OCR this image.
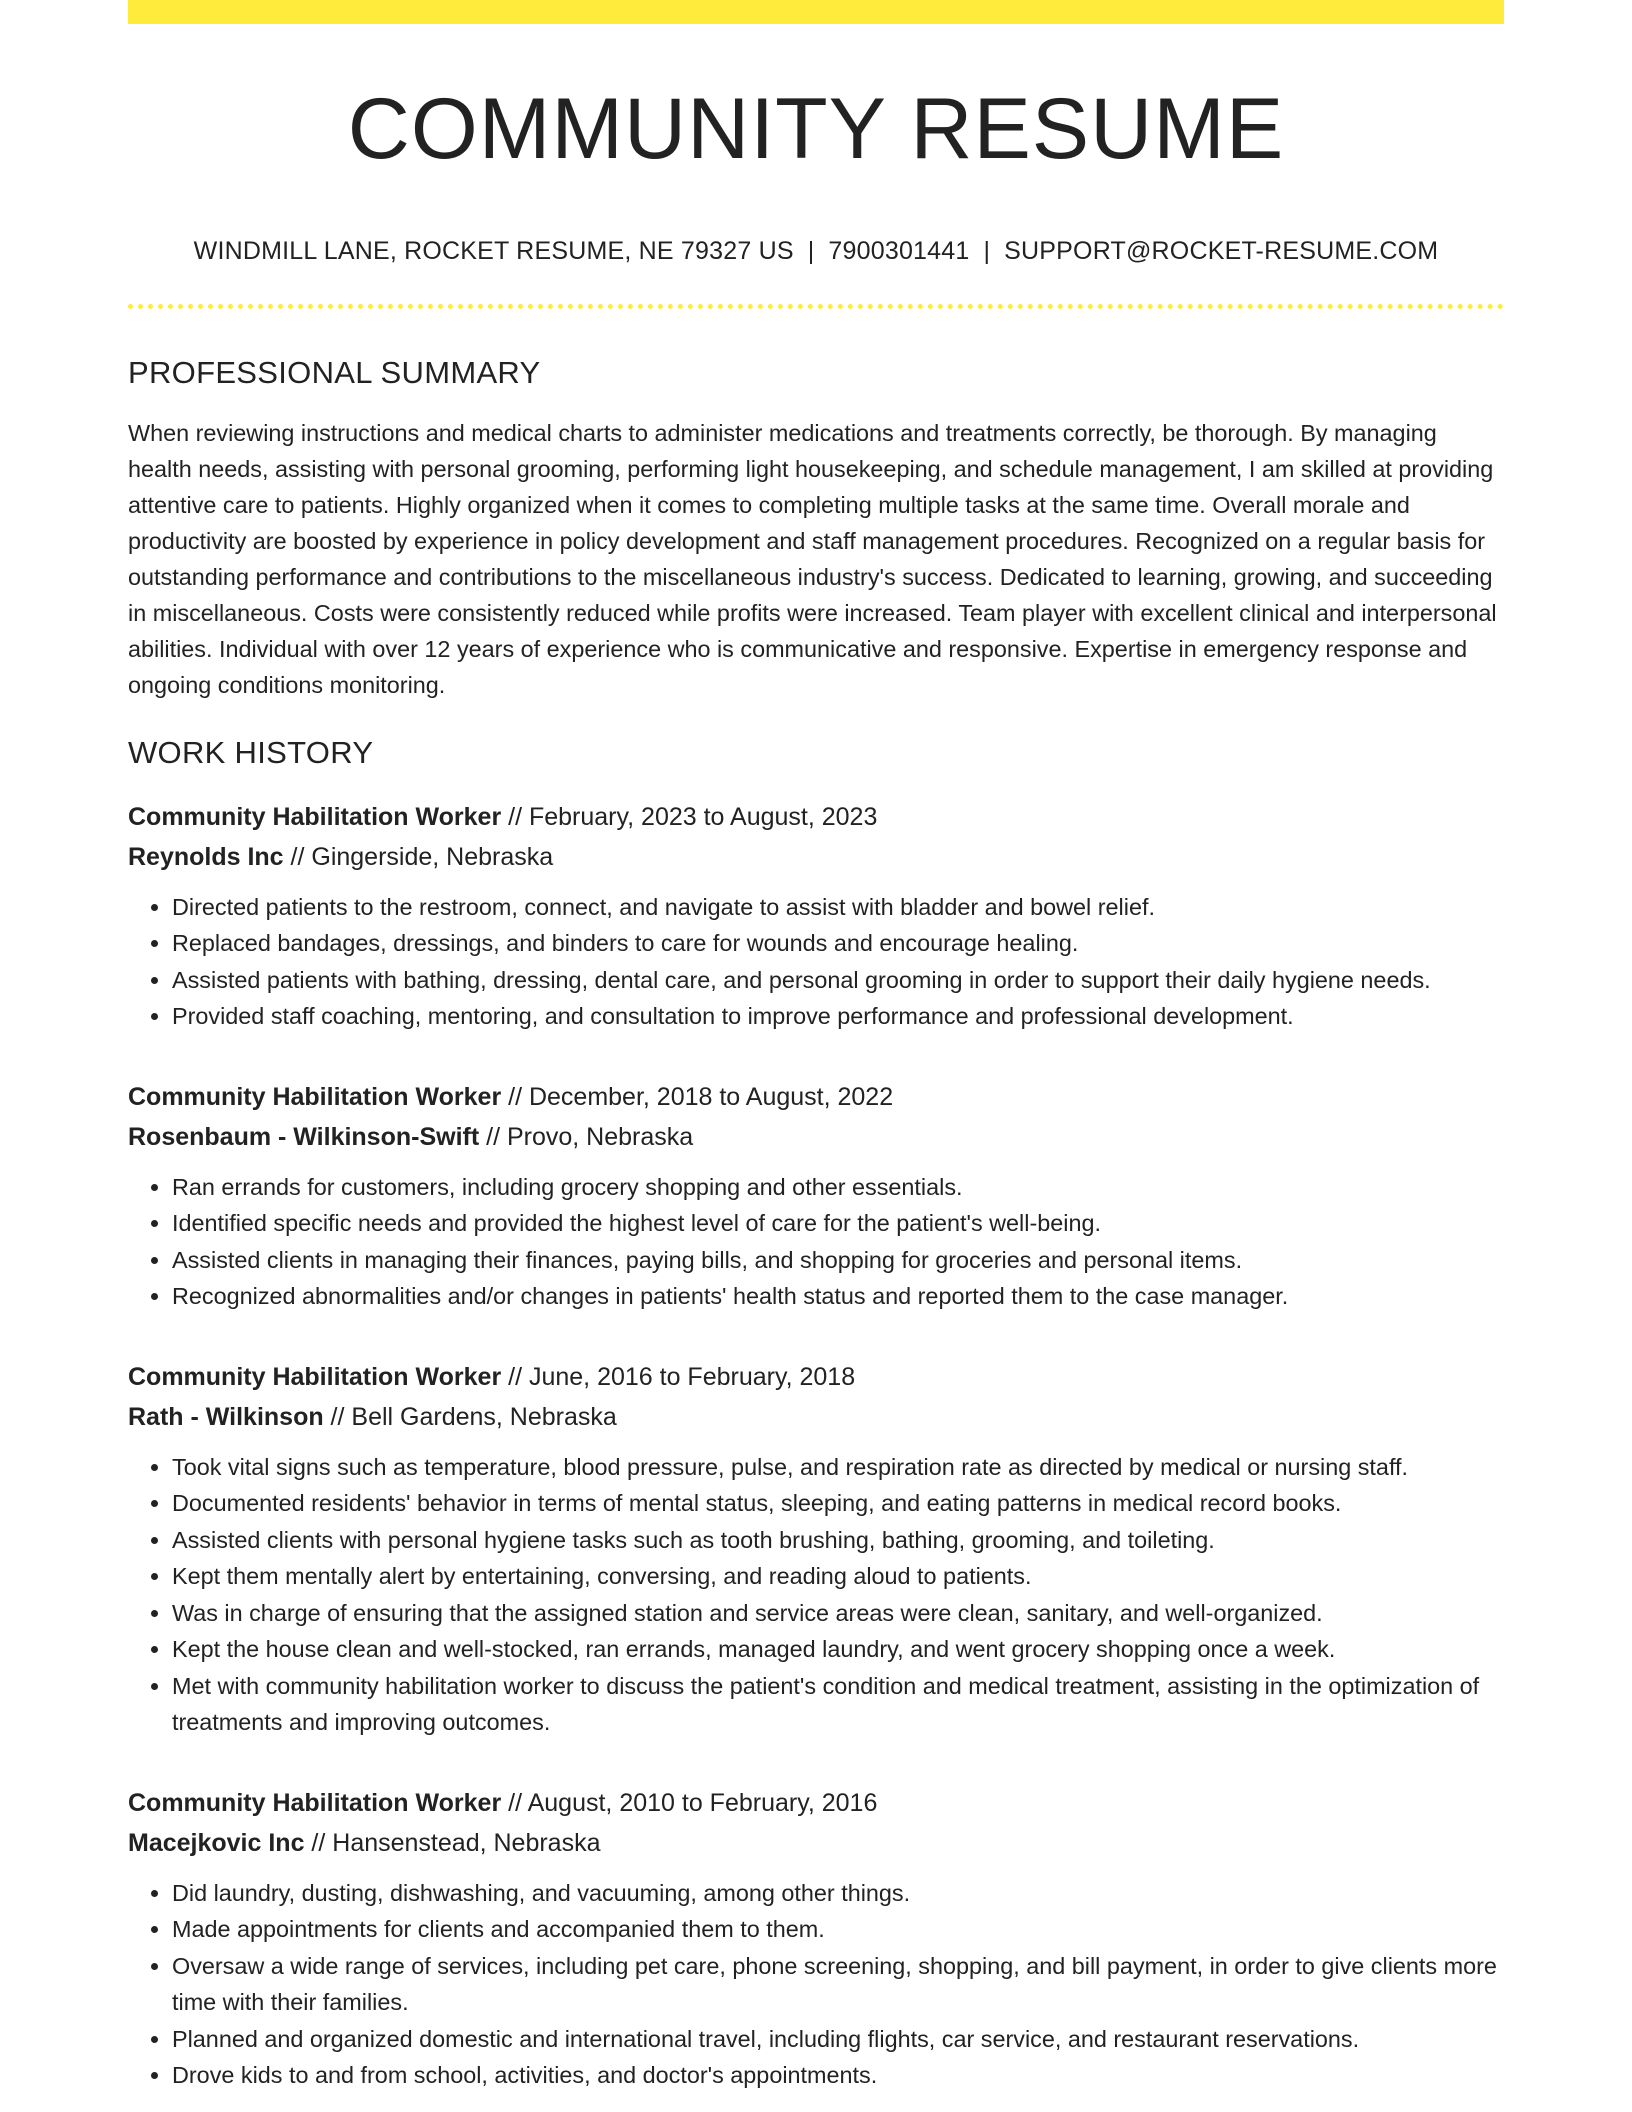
COMMUNITY RESUME
WINDMILL LANE, ROCKET RESUME, NE 79327 US | 7900301441 | SUPPORT@ROCKET-RESUME.COM
PROFESSIONAL SUMMARY

When reviewing instructions and medical charts to administer medications and treatments correctly, be thorough. By managing health needs, assisting with personal grooming, performing light housekeeping, and schedule management, I am skilled at providing attentive care to patients. Highly organized when it comes to completing multiple tasks at the same time. Overall morale and productivity are boosted by experience in policy development and staff management procedures. Recognized on a regular basis for outstanding performance and contributions to the miscellaneous industry's success. Dedicated to learning, growing, and succeeding in miscellaneous. Costs were consistently reduced while profits were increased. Team player with excellent clinical and interpersonal abilities. Individual with over 12 years of experience who is communicative and responsive. Expertise in emergency response and ongoing conditions monitoring.

WORK HISTORY
Community Habilitation Worker // February, 2023 to August, 2023
Reynolds Inc // Gingerside, Nebraska
• Directed patients to the restroom, connect, and navigate to assist with bladder and bowel relief.
• Replaced bandages, dressings, and binders to care for wounds and encourage healing.
• Assisted patients with bathing, dressing, dental care, and personal grooming in order to support their daily hygiene needs.
• Provided staff coaching, mentoring, and consultation to improve performance and professional development.
Community Habilitation Worker // December, 2018 to August, 2022
Rosenbaum - Wilkinson-Swift // Provo, Nebraska
• Ran errands for customers, including grocery shopping and other essentials.
• Identified specific needs and provided the highest level of care for the patient's well-being.
• Assisted clients in managing their finances, paying bills, and shopping for groceries and personal items.
• Recognized abnormalities and/or changes in patients' health status and reported them to the case manager.
Community Habilitation Worker // June, 2016 to February, 2018
Rath - Wilkinson // Bell Gardens, Nebraska
• Took vital signs such as temperature, blood pressure, pulse, and respiration rate as directed by medical or nursing staff.
• Documented residents' behavior in terms of mental status, sleeping, and eating patterns in medical record books.
• Assisted clients with personal hygiene tasks such as tooth brushing, bathing, grooming, and toileting.
• Kept them mentally alert by entertaining, conversing, and reading aloud to patients.
• Was in charge of ensuring that the assigned station and service areas were clean, sanitary, and well-organized.
• Kept the house clean and well-stocked, ran errands, managed laundry, and went grocery shopping once a week.
• Met with community habilitation worker to discuss the patient's condition and medical treatment, assisting in the optimization of treatments and improving outcomes.
Community Habilitation Worker // August, 2010 to February, 2016
Macejkovic Inc // Hansenstead, Nebraska
• Did laundry, dusting, dishwashing, and vacuuming, among other things.
• Made appointments for clients and accompanied them to them.
• Oversaw a wide range of services, including pet care, phone screening, shopping, and bill payment, in order to give clients more time with their families.
• Planned and organized domestic and international travel, including flights, car service, and restaurant reservations.
• Drove kids to and from school, activities, and doctor's appointments.
